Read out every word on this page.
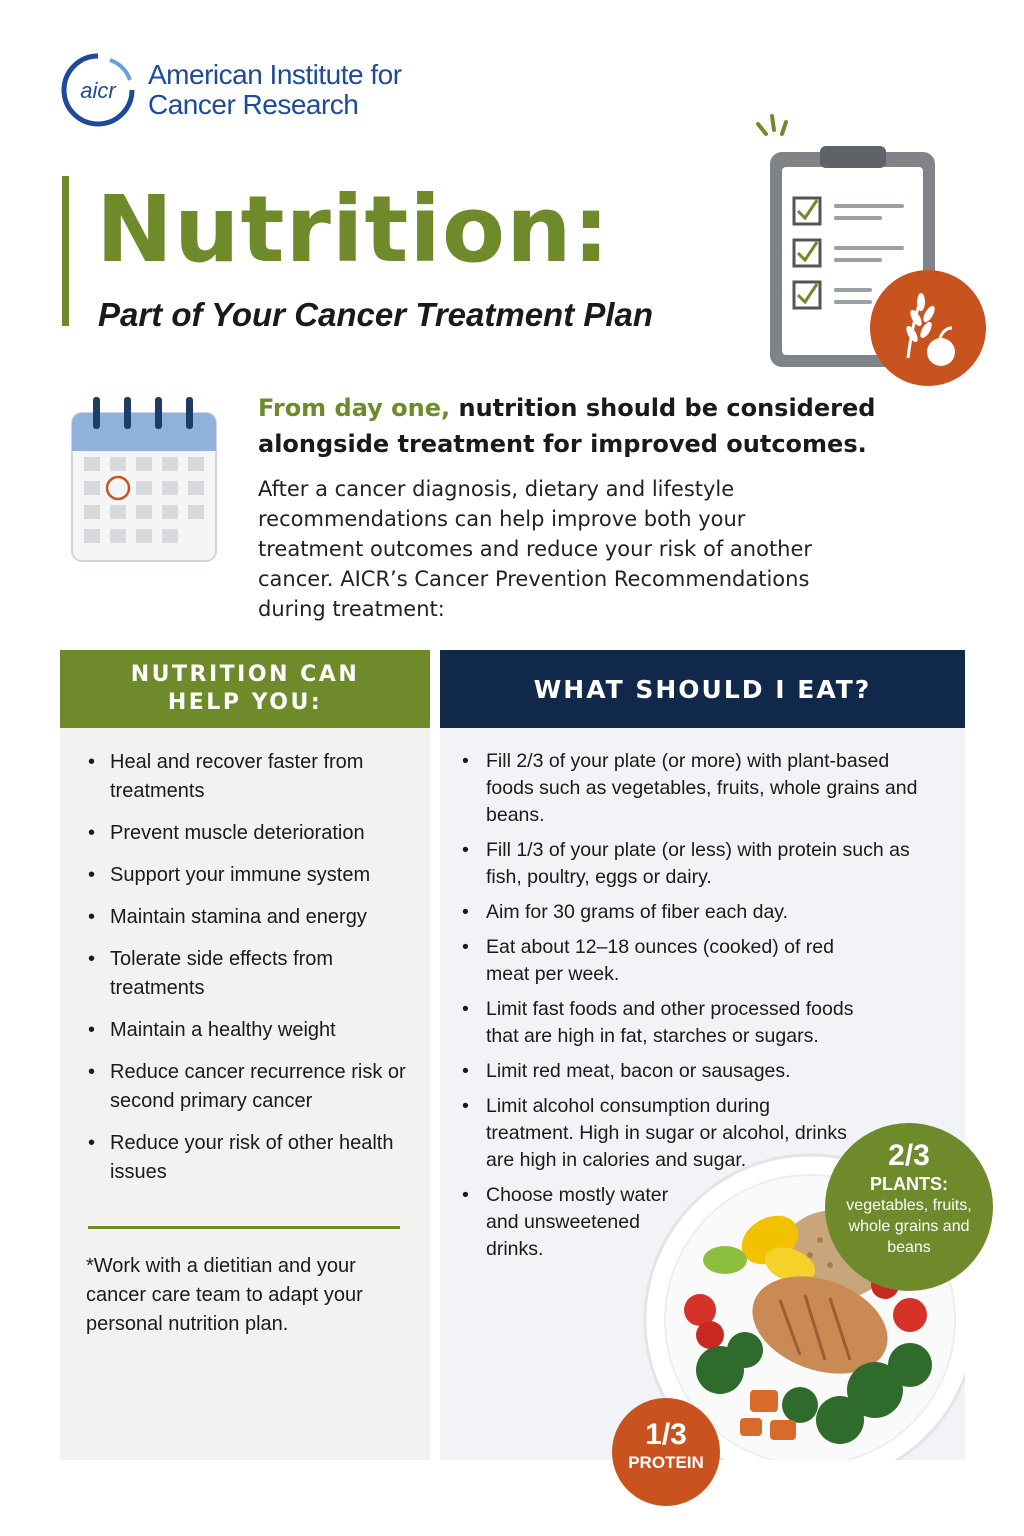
aicr
American Institute for
Cancer Research
Nutrition:
Part of Your Cancer Treatment Plan
From day one, nutrition should be considered alongside treatment for improved outcomes.
After a cancer diagnosis, dietary and lifestyle recommendations can help improve both your treatment outcomes and reduce your risk of another cancer. AICR’s Cancer Prevention Recommendations during treatment:
NUTRITION CAN
HELP YOU:
• Heal and recover faster from treatments
• Prevent muscle deterioration
• Support your immune system
• Maintain stamina and energy
• Tolerate side effects from treatments
• Maintain a healthy weight
• Reduce cancer recurrence risk or second primary cancer
• Reduce your risk of other health issues
*Work with a dietitian and your cancer care team to adapt your personal nutrition plan.
WHAT SHOULD I EAT?
• Fill 2/3 of your plate (or more) with plant-based foods such as vegetables, fruits, whole grains and beans.
• Fill 1/3 of your plate (or less) with protein such as fish, poultry, eggs or dairy.
• Aim for 30 grams of fiber each day.
• Eat about 12–18 ounces (cooked) of red meat per week.
• Limit fast foods and other processed foods that are high in fat, starches or sugars.
• Limit red meat, bacon or sausages.
• Limit alcohol consumption during treatment. High in sugar or alcohol, drinks are high in calories and sugar.
• Choose mostly water and unsweetened drinks.
2/3
PLANTS:
vegetables, fruits, whole grains and beans
1/3
PROTEIN
